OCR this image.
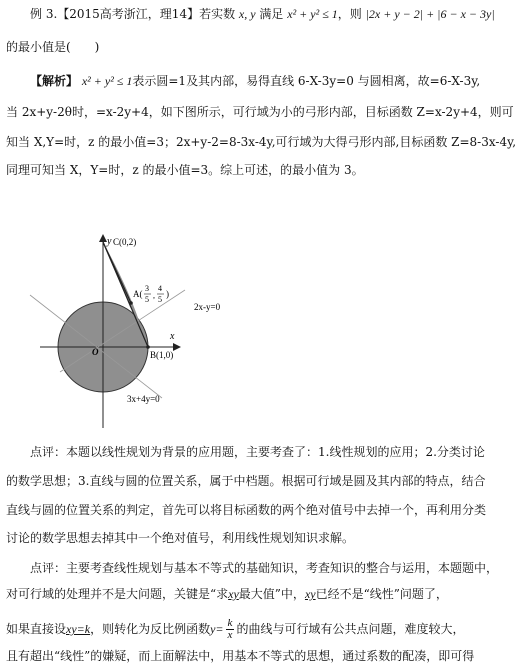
例 3.【2015高考浙江，理14】若实数 x, y 满足 x² + y² ≤ 1，则 |2x + y − 2| + |6 − x − 3y|
的最小值是(　　)
【解析】 x² + y² ≤ 1表示圆=1及其内部，易得直线 6-X-3y=0 与圆相离，故=6-X-3y,
当 2x+y-2θ时，=x-2y+4，如下图所示，可行域为小的弓形内部，目标函数 Z=x-2y+4，则可
知当 X,Y=时，z 的最小值=3；2x+y-2=8-3x-4y,可行域为大得弓形内部,目标函数 Z=8-3x-4y,
同理可知当 X，Y=时，z 的最小值=3。综上可述，的最小值为 3。
y C(0,2)
x
O	B(1,0)
2x-y=0
3x+4y=0
A(
3
5 ,
4
5
)
点评：本题以线性规划为背景的应用题，主要考查了：1.线性规划的应用；2.分类讨论
的数学思想；3.直线与圆的位置关系，属于中档题。根据可行域是圆及其内部的特点，结合
直线与圆的位置关系的判定，首先可以将目标函数的两个绝对值号中去掉一个，再利用分类
讨论的数学思想去掉其中一个绝对值号，利用线性规划知识求解。
点评：主要考查线性规划与基本不等式的基础知识，考查知识的整合与运用，本题题中，
对可行域的处理并不是大问题，关键是“求xy最大值”中，xy已经不是“线性”问题了，
如果直接设xy=k，则转化为反比例函数$y= \frac{k}{x}$ 的曲线与可行域有公共点问题，难度较大，
且有超出“线性”的嫌疑，而上面解法中，用基本不等式的思想，通过系数的配凑，即可得
